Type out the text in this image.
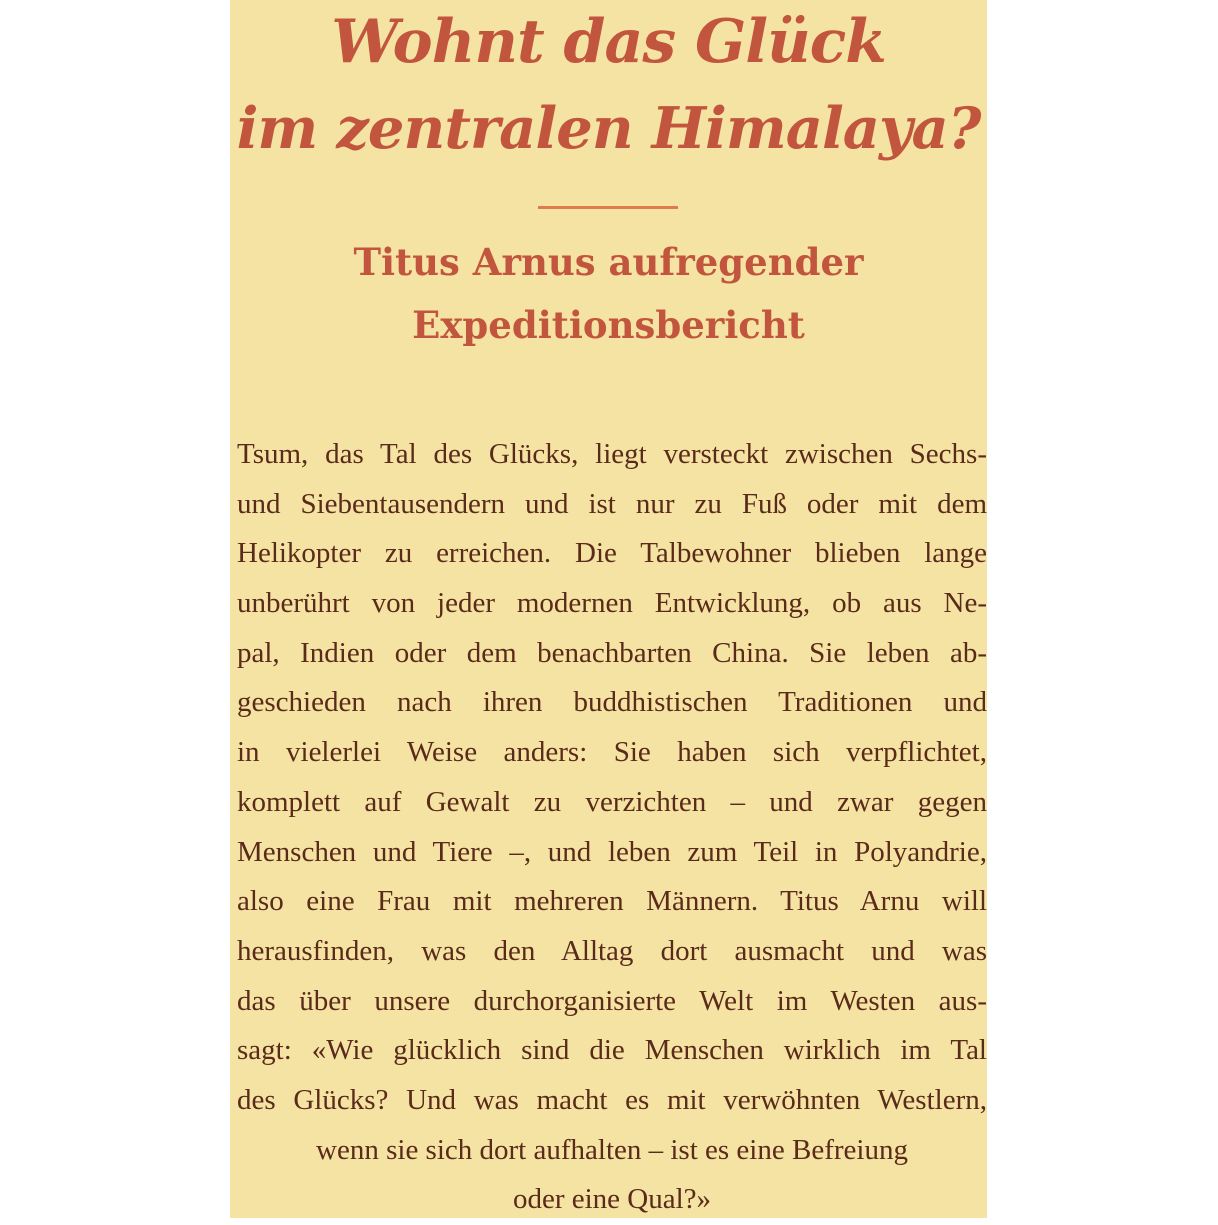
Wohnt das Glück
im zentralen Himalaya?
Titus Arnus aufregender
Expeditionsbericht
Tsum, das Tal des Glücks, liegt versteckt zwischen Sechs-
und Siebentausendern und ist nur zu Fuß oder mit dem
Helikopter zu erreichen. Die Talbewohner blieben lange
unberührt von jeder modernen Entwicklung, ob aus Ne-
pal, Indien oder dem benachbarten China. Sie leben ab-
geschieden nach ihren buddhistischen Traditionen und
in vielerlei Weise anders: Sie haben sich verpflichtet,
komplett auf Gewalt zu verzichten – und zwar gegen
Menschen und Tiere –, und leben zum Teil in Polyandrie,
also eine Frau mit mehreren Männern. Titus Arnu will
herausfinden, was den Alltag dort ausmacht und was
das über unsere durchorganisierte Welt im Westen aus-
sagt: «Wie glücklich sind die Menschen wirklich im Tal
des Glücks? Und was macht es mit verwöhnten Westlern,
wenn sie sich dort aufhalten – ist es eine Befreiung
oder eine Qual?»
